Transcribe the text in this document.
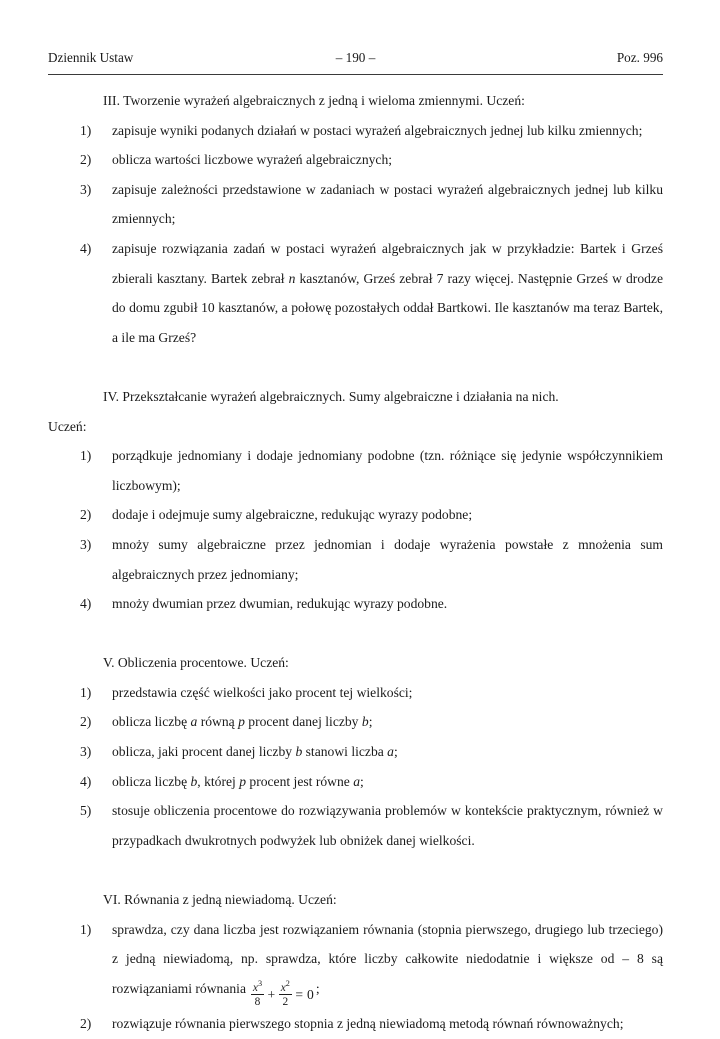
Dziennik Ustaw	– 190 –	Poz. 996

III. Tworzenie wyrażeń algebraicznych z jedną i wieloma zmiennymi. Uczeń:

1)	zapisuje wyniki podanych działań w postaci wyrażeń algebraicznych jednej lub kilku zmiennych;
2)	oblicza wartości liczbowe wyrażeń algebraicznych;
3)	zapisuje zależności przedstawione w zadaniach w postaci wyrażeń algebraicznych jednej lub kilku zmiennych;
4)	zapisuje rozwiązania zadań w postaci wyrażeń algebraicznych jak w przykładzie: Bartek i Grześ zbierali kasztany. Bartek zebrał n kasztanów, Grześ zebrał 7 razy więcej. Następnie Grześ w drodze do domu zgubił 10 kasztanów, a połowę pozostałych oddał Bartkowi. Ile kasztanów ma teraz Bartek, a ile ma Grześ?

IV. Przekształcanie wyrażeń algebraicznych. Sumy algebraiczne i działania na nich.

Uczeń:

1)	porządkuje jednomiany i dodaje jednomiany podobne (tzn. różniące się jedynie współczynnikiem liczbowym);
2)	dodaje i odejmuje sumy algebraiczne, redukując wyrazy podobne;
3)	mnoży sumy algebraiczne przez jednomian i dodaje wyrażenia powstałe z mnożenia sum algebraicznych przez jednomiany;
4)	mnoży dwumian przez dwumian, redukując wyrazy podobne.

V. Obliczenia procentowe. Uczeń:

1)	przedstawia część wielkości jako procent tej wielkości;
2)	oblicza liczbę a równą p procent danej liczby b;
3)	oblicza, jaki procent danej liczby b stanowi liczba a;
4)	oblicza liczbę b, której p procent jest równe a;
5)	stosuje obliczenia procentowe do rozwiązywania problemów w kontekście praktycznym, również w przypadkach dwukrotnych podwyżek lub obniżek danej wielkości.

VI. Równania z jedną niewiadomą. Uczeń:

1)	sprawdza, czy dana liczba jest rozwiązaniem równania (stopnia pierwszego, drugiego lub trzeciego) z jedną niewiadomą, np. sprawdza, które liczby całkowite niedodatnie i większe od – 8 są rozwiązaniami równania $\frac{x^3}{8} + \frac{x^2}{2} = 0$ ;
2)	rozwiązuje równania pierwszego stopnia z jedną niewiadomą metodą równań równoważnych;
